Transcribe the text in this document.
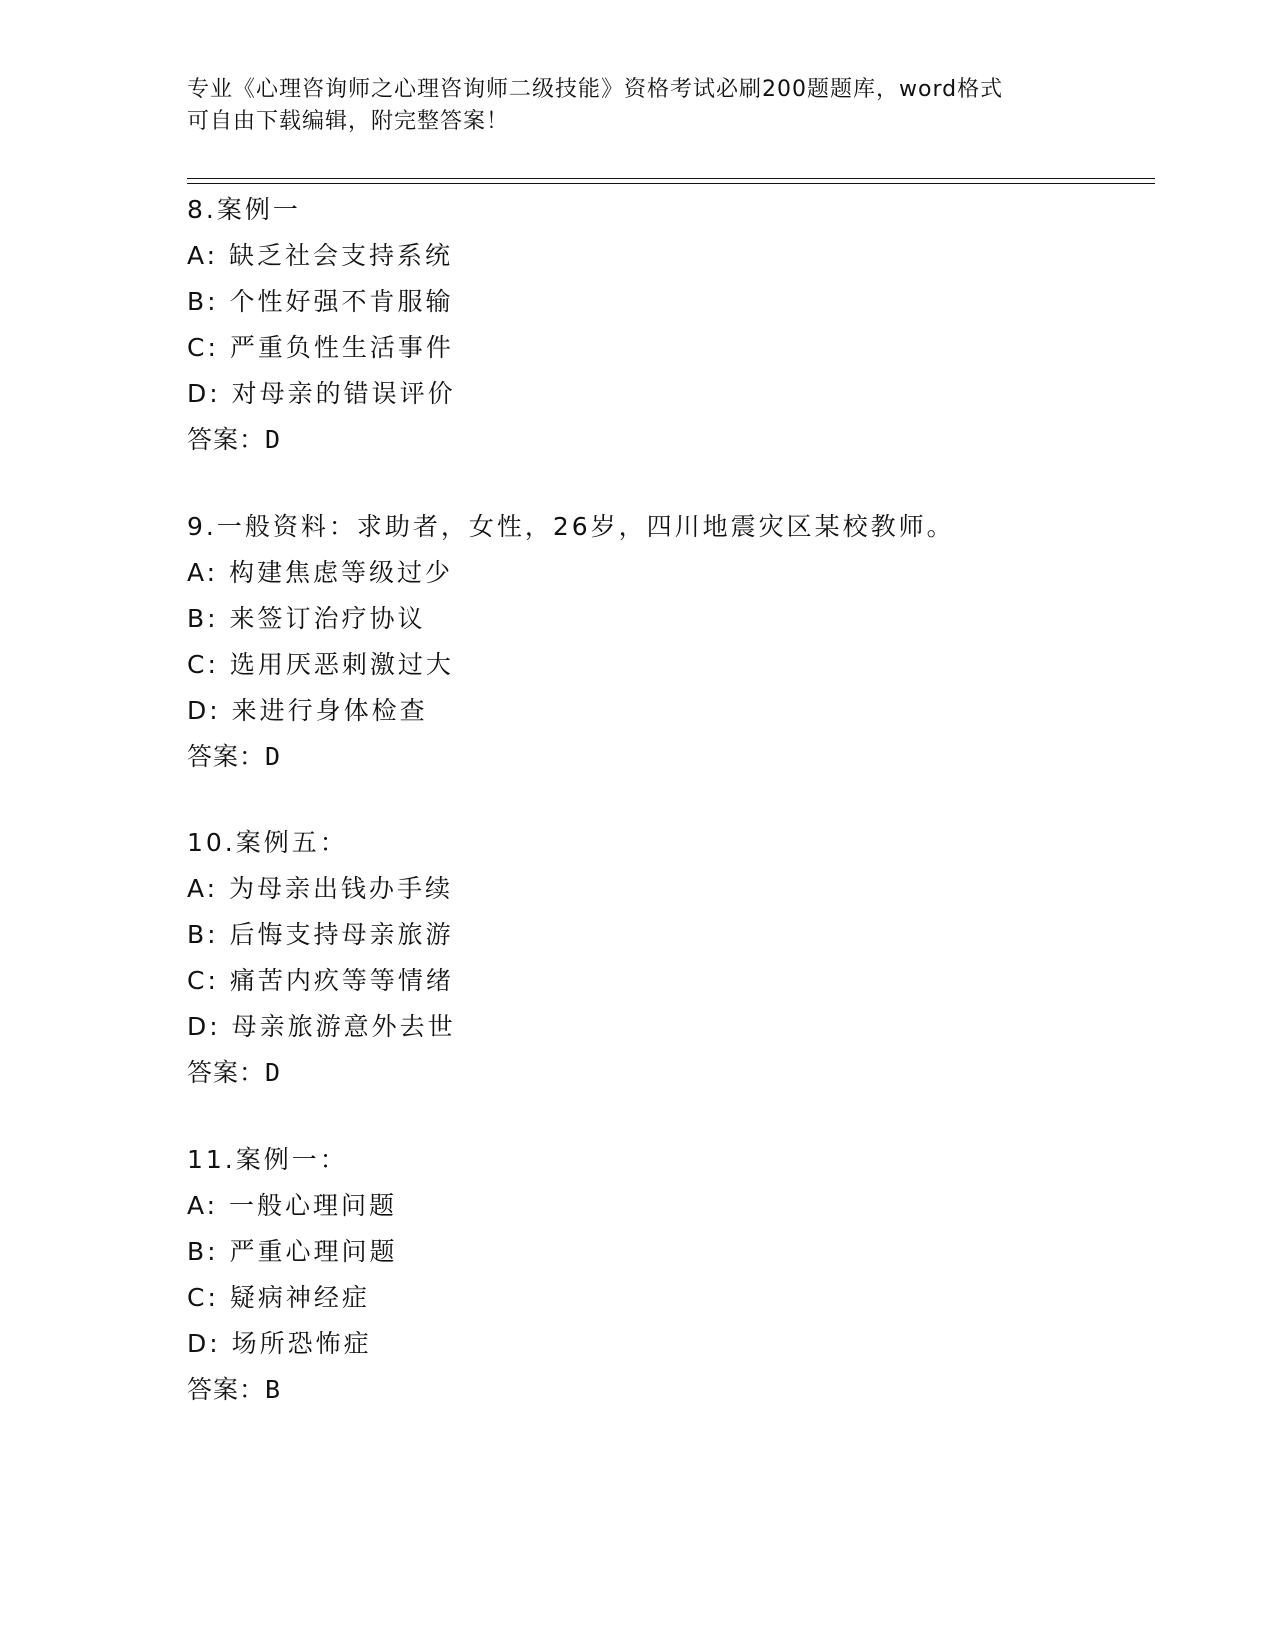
专业《心理咨询师之心理咨询师二级技能》资格考试必刷200题题库，word格式
可自由下载编辑，附完整答案！
8.案例一
A: 缺乏社会支持系统
B: 个性好强不肯服输
C: 严重负性生活事件
D: 对母亲的错误评价
答案：D
9.一般资料：求助者，女性，26岁，四川地震灾区某校教师。
A: 构建焦虑等级过少
B: 来签订治疗协议
C: 选用厌恶刺激过大
D: 来进行身体检查
答案：D
10.案例五：
A: 为母亲出钱办手续
B: 后悔支持母亲旅游
C: 痛苦内疚等等情绪
D: 母亲旅游意外去世
答案：D
11.案例一：
A: 一般心理问题
B: 严重心理问题
C: 疑病神经症
D: 场所恐怖症
答案：B
